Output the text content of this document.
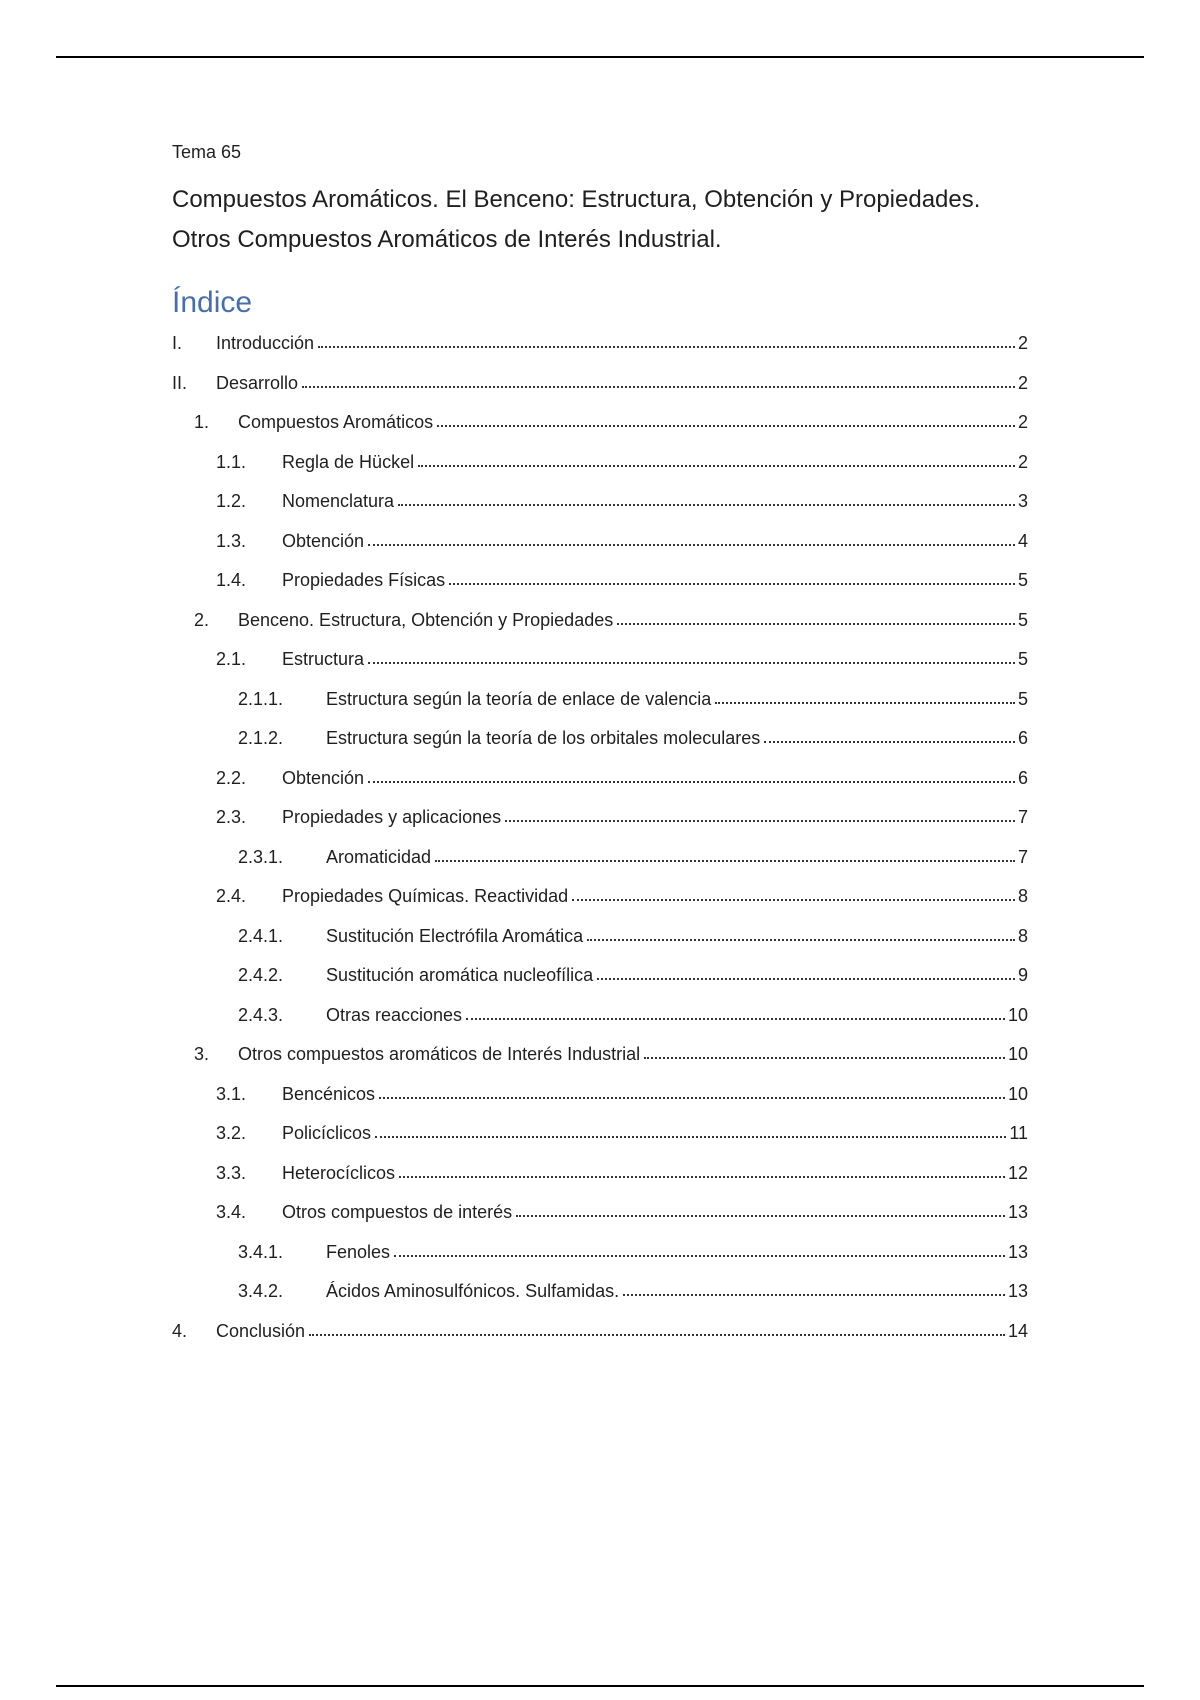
Tema 65
Compuestos Aromáticos. El Benceno: Estructura, Obtención y Propiedades. Otros Compuestos Aromáticos de Interés Industrial.
Índice
I.	Introducción	2
II.	Desarrollo	2
1.	Compuestos Aromáticos	2
1.1.	Regla de Hückel	2
1.2.	Nomenclatura	3
1.3.	Obtención	4
1.4.	Propiedades Físicas	5
2.	Benceno. Estructura, Obtención y Propiedades	5
2.1.	Estructura	5
2.1.1.	Estructura según la teoría de enlace de valencia	5
2.1.2.	Estructura según la teoría de los orbitales moleculares	6
2.2.	Obtención	6
2.3.	Propiedades y aplicaciones	7
2.3.1.	Aromaticidad	7
2.4.	Propiedades Químicas. Reactividad	8
2.4.1.	Sustitución Electrófila Aromática	8
2.4.2.	Sustitución aromática nucleofílica	9
2.4.3.	Otras reacciones	10
3.	Otros compuestos aromáticos de Interés Industrial	10
3.1.	Bencénicos	10
3.2.	Policíclicos	11
3.3.	Heterocíclicos	12
3.4.	Otros compuestos de interés	13
3.4.1.	Fenoles	13
3.4.2.	Ácidos Aminosulfónicos. Sulfamidas.	13
4.	Conclusión	14
